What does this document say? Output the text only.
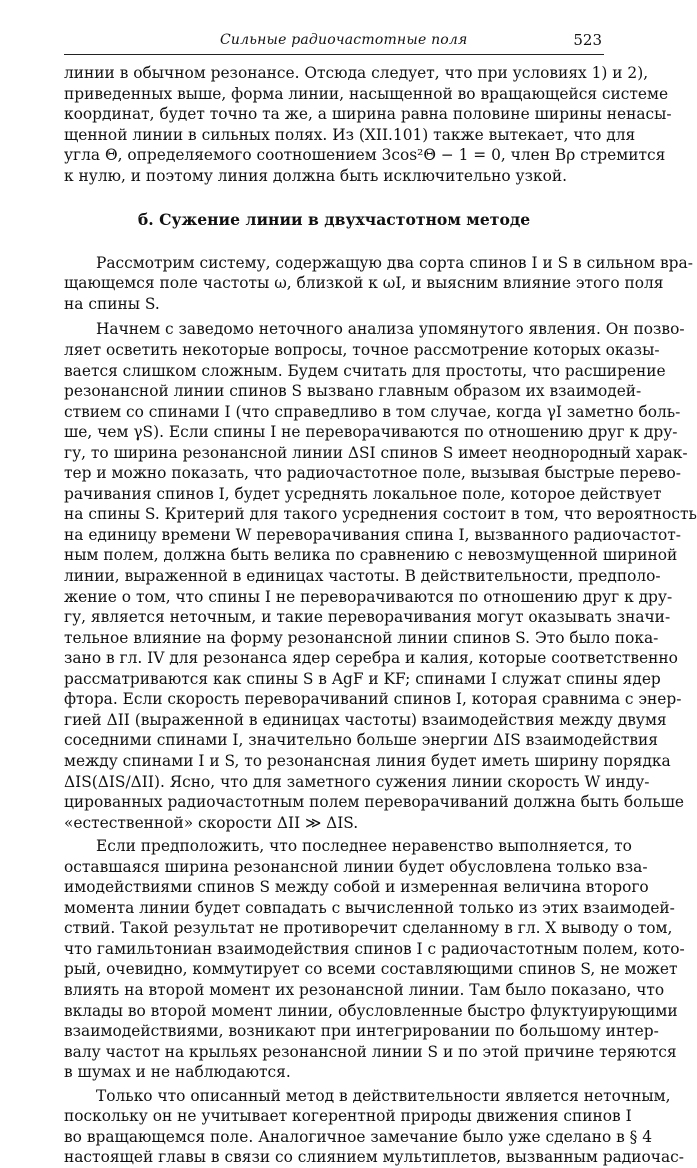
Сильные радиочастотные поля	523
линии в обычном резонансе. Отсюда следует, что при условиях 1) и 2),
приведенных выше, форма линии, насыщенной во вращающейся системе
координат, будет точно та же, а ширина равна половине ширины ненасы-
щенной линии в сильных полях. Из (XII.101) также вытекает, что для
угла Θ, определяемого соотношением 3cos²Θ − 1 = 0, член Bρ стремится
к нулю, и поэтому линия должна быть исключительно узкой.
б. Сужение линии в двухчастотном методе
Рассмотрим систему, содержащую два сорта спинов I и S в сильном вра-
щающемся поле частоты ω, близкой к ωI, и выясним влияние этого поля
на спины S.
Начнем с заведомо неточного анализа упомянутого явления. Он позво-
ляет осветить некоторые вопросы, точное рассмотрение которых оказы-
вается слишком сложным. Будем считать для простоты, что расширение
резонансной линии спинов S вызвано главным образом их взаимодей-
ствием со спинами I (что справедливо в том случае, когда γI заметно боль-
ше, чем γS). Если спины I не переворачиваются по отношению друг к дру-
гу, то ширина резонансной линии ΔSI спинов S имеет неоднородный харак-
тер и можно показать, что радиочастотное поле, вызывая быстрые перево-
рачивания спинов I, будет усреднять локальное поле, которое действует
на спины S. Критерий для такого усреднения состоит в том, что вероятность
на единицу времени W переворачивания спина I, вызванного радиочастот-
ным полем, должна быть велика по сравнению с невозмущенной шириной
линии, выраженной в единицах частоты. В действительности, предполо-
жение о том, что спины I не переворачиваются по отношению друг к дру-
гу, является неточным, и такие переворачивания могут оказывать значи-
тельное влияние на форму резонансной линии спинов S. Это было пока-
зано в гл. IV для резонанса ядер серебра и калия, которые соответственно
рассматриваются как спины S в AgF и KF; спинами I служат спины ядер
фтора. Если скорость переворачиваний спинов I, которая сравнима с энер-
гией ΔII (выраженной в единицах частоты) взаимодействия между двумя
соседними спинами I, значительно больше энергии ΔIS взаимодействия
между спинами I и S, то резонансная линия будет иметь ширину порядка
ΔIS(ΔIS/ΔII). Ясно, что для заметного сужения линии скорость W инду-
цированных радиочастотным полем переворачиваний должна быть больше
«естественной» скорости ΔII ≫ ΔIS.
Если предположить, что последнее неравенство выполняется, то
оставшаяся ширина резонансной линии будет обусловлена только вза-
имодействиями спинов S между собой и измеренная величина второго
момента линии будет совпадать с вычисленной только из этих взаимодей-
ствий. Такой результат не противоречит сделанному в гл. X выводу о том,
что гамильтониан взаимодействия спинов I с радиочастотным полем, кото-
рый, очевидно, коммутирует со всеми составляющими спинов S, не может
влиять на второй момент их резонансной линии. Там было показано, что
вклады во второй момент линии, обусловленные быстро флуктуирующими
взаимодействиями, возникают при интегрировании по большому интер-
валу частот на крыльях резонансной линии S и по этой причине теряются
в шумах и не наблюдаются.
Только что описанный метод в действительности является неточным,
поскольку он не учитывает когерентной природы движения спинов I
во вращающемся поле. Аналогичное замечание было уже сделано в § 4
настоящей главы в связи со слиянием мультиплетов, вызванным радиочас-
